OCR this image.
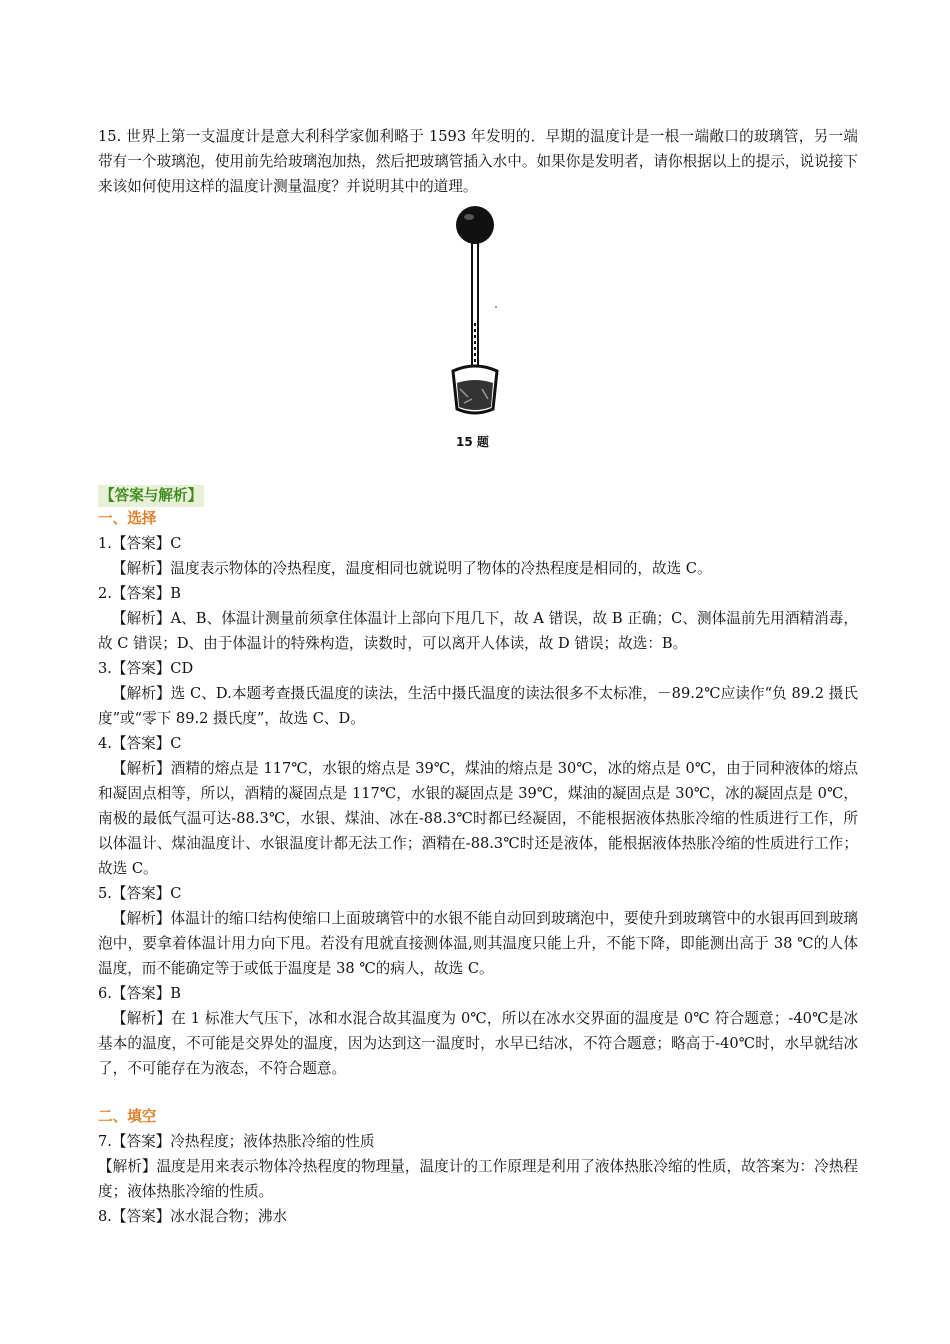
15. 世界上第一支温度计是意大利科学家伽利略于 1593 年发明的．早期的温度计是一根一端敞口的玻璃管，另一端带有一个玻璃泡，使用前先给玻璃泡加热，然后把玻璃管插入水中。如果你是发明者，请你根据以上的提示，说说接下来该如何使用这样的温度计测量温度？并说明其中的道理。

15 题
【答案与解析】
一、选择
1.【答案】C
【解析】温度表示物体的冷热程度，温度相同也就说明了物体的冷热程度是相同的，故选 C。
2.【答案】B
【解析】A、B、体温计测量前须拿住体温计上部向下甩几下，故 A 错误，故 B 正确；C、测体温前先用酒精消毒，故 C 错误；D、由于体温计的特殊构造，读数时，可以离开人体读，故 D 错误；故选：B。
3.【答案】CD
【解析】选 C、D.本题考查摄氏温度的读法，生活中摄氏温度的读法很多不太标准，－89.2℃应读作“负 89.2 摄氏度”或“零下 89.2 摄氏度”，故选 C、D。
4.【答案】C
【解析】酒精的熔点是 117℃，水银的熔点是 39℃，煤油的熔点是 30℃，冰的熔点是 0℃，由于同种液体的熔点和凝固点相等，所以，酒精的凝固点是 117℃，水银的凝固点是 39℃，煤油的凝固点是 30℃，冰的凝固点是 0℃，南极的最低气温可达-88.3℃，水银、煤油、冰在-88.3℃时都已经凝固，不能根据液体热胀冷缩的性质进行工作，所以体温计、煤油温度计、水银温度计都无法工作；酒精在-88.3℃时还是液体，能根据液体热胀冷缩的性质进行工作；故选 C。
5.【答案】C
【解析】体温计的缩口结构使缩口上面玻璃管中的水银不能自动回到玻璃泡中，要使升到玻璃管中的水银再回到玻璃泡中，要拿着体温计用力向下甩。若没有甩就直接测体温,则其温度只能上升，不能下降，即能测出高于 38 ℃的人体温度，而不能确定等于或低于温度是 38 ℃的病人，故选 C。
6.【答案】B
【解析】在 1 标准大气压下，冰和水混合故其温度为 0℃，所以在冰水交界面的温度是 0℃ 符合题意；-40℃是冰基本的温度，不可能是交界处的温度，因为达到这一温度时，水早已结冰，不符合题意；略高于-40℃时，水早就结冰了，不可能存在为液态，不符合题意。
二、填空
7.【答案】冷热程度；液体热胀冷缩的性质
【解析】温度是用来表示物体冷热程度的物理量，温度计的工作原理是利用了液体热胀冷缩的性质，故答案为：冷热程度；液体热胀冷缩的性质。
8.【答案】冰水混合物；沸水
